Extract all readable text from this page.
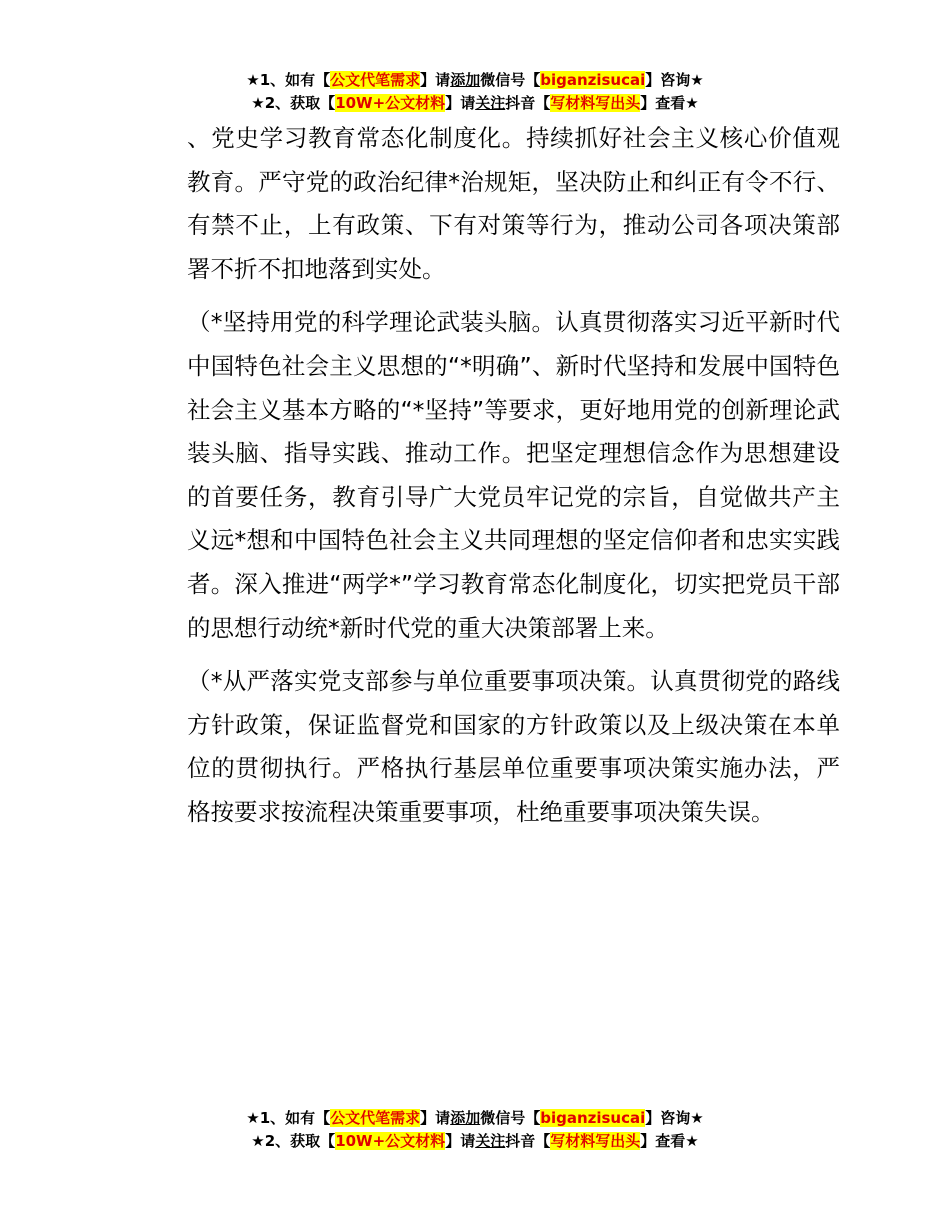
★1、如有【公文代笔需求】请添加微信号【biganzisucai】咨询★
★2、获取【10W+公文材料】请关注抖音【写材料写出头】查看★

、党史学习教育常态化制度化。持续抓好社会主义核心价值观教育。严守党的政治纪律*治规矩，坚决防止和纠正有令不行、有禁不止，上有政策、下有对策等行为，推动公司各项决策部署不折不扣地落到实处。

（*坚持用党的科学理论武装头脑。认真贯彻落实习近平新时代中国特色社会主义思想的“*明确”、新时代坚持和发展中国特色社会主义基本方略的“*坚持”等要求，更好地用党的创新理论武装头脑、指导实践、推动工作。把坚定理想信念作为思想建设的首要任务，教育引导广大党员牢记党的宗旨，自觉做共产主义远*想和中国特色社会主义共同理想的坚定信仰者和忠实实践者。深入推进“两学*”学习教育常态化制度化，切实把党员干部的思想行动统*新时代党的重大决策部署上来。

（*从严落实党支部参与单位重要事项决策。认真贯彻党的路线方针政策，保证监督党和国家的方针政策以及上级决策在本单位的贯彻执行。严格执行基层单位重要事项决策实施办法，严格按要求按流程决策重要事项，杜绝重要事项决策失误。

★1、如有【公文代笔需求】请添加微信号【biganzisucai】咨询★
★2、获取【10W+公文材料】请关注抖音【写材料写出头】查看★
